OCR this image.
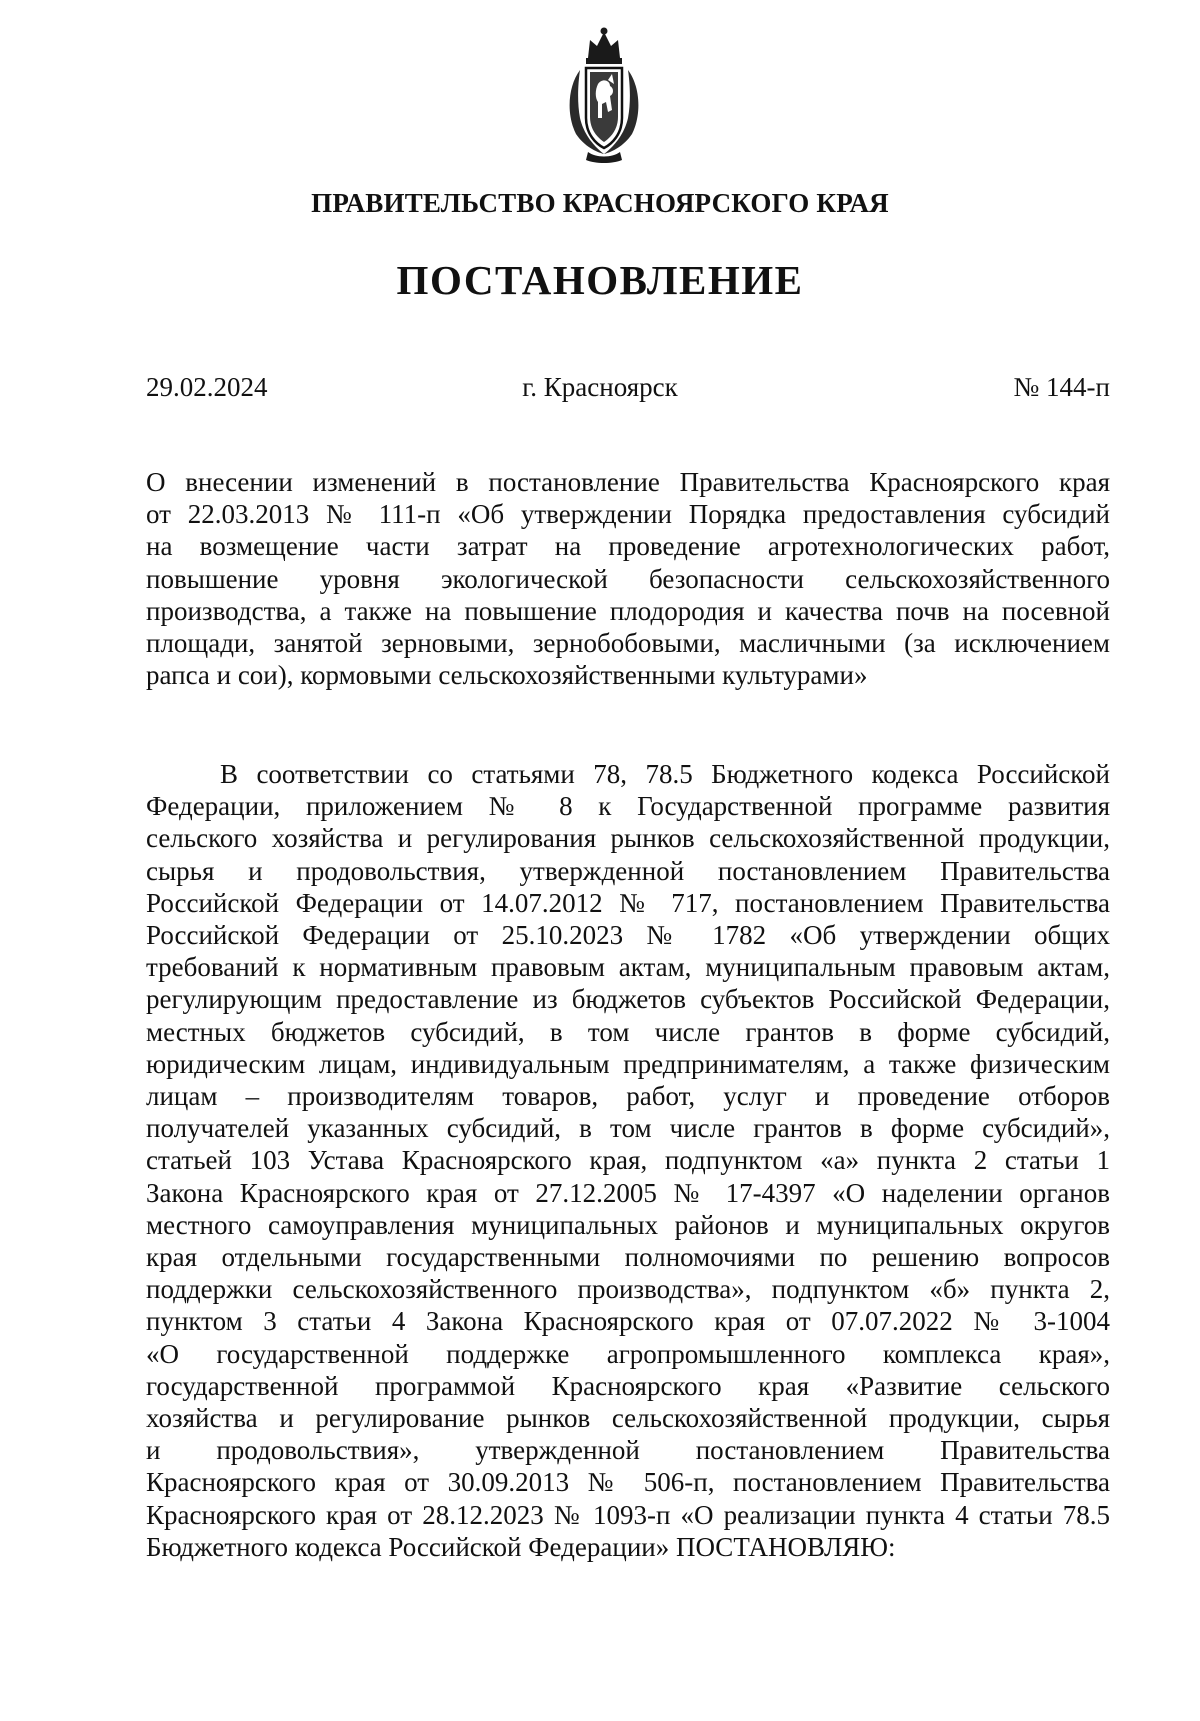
ПРАВИТЕЛЬСТВО КРАСНОЯРСКОГО КРАЯ
ПОСТАНОВЛЕНИЕ
29.02.2024	г. Красноярск	№ 144-п
О внесении изменений в постановление Правительства Красноярского края
от 22.03.2013 № 111-п «Об утверждении Порядка предоставления субсидий
на возмещение части затрат на проведение агротехнологических работ,
повышение уровня экологической безопасности сельскохозяйственного
производства, а также на повышение плодородия и качества почв на посевной
площади, занятой зерновыми, зернобобовыми, масличными (за исключением
рапса и сои), кормовыми сельскохозяйственными культурами»
В соответствии со статьями 78, 78.5 Бюджетного кодекса Российской
Федерации, приложением № 8 к Государственной программе развития
сельского хозяйства и регулирования рынков сельскохозяйственной продукции,
сырья и продовольствия, утвержденной постановлением Правительства
Российской Федерации от 14.07.2012 № 717, постановлением Правительства
Российской Федерации от 25.10.2023 № 1782 «Об утверждении общих
требований к нормативным правовым актам, муниципальным правовым актам,
регулирующим предоставление из бюджетов субъектов Российской Федерации,
местных бюджетов субсидий, в том числе грантов в форме субсидий,
юридическим лицам, индивидуальным предпринимателям, а также физическим
лицам – производителям товаров, работ, услуг и проведение отборов
получателей указанных субсидий, в том числе грантов в форме субсидий»,
статьей 103 Устава Красноярского края, подпунктом «а» пункта 2 статьи 1
Закона Красноярского края от 27.12.2005 № 17-4397 «О наделении органов
местного самоуправления муниципальных районов и муниципальных округов
края отдельными государственными полномочиями по решению вопросов
поддержки сельскохозяйственного производства», подпунктом «б» пункта 2,
пунктом 3 статьи 4 Закона Красноярского края от 07.07.2022 № 3-1004
«О государственной поддержке агропромышленного комплекса края»,
государственной программой Красноярского края «Развитие сельского
хозяйства и регулирование рынков сельскохозяйственной продукции, сырья
и продовольствия», утвержденной постановлением Правительства
Красноярского края от 30.09.2013 № 506-п, постановлением Правительства
Красноярского края от 28.12.2023 № 1093-п «О реализации пункта 4 статьи 78.5
Бюджетного кодекса Российской Федерации» ПОСТАНОВЛЯЮ:
